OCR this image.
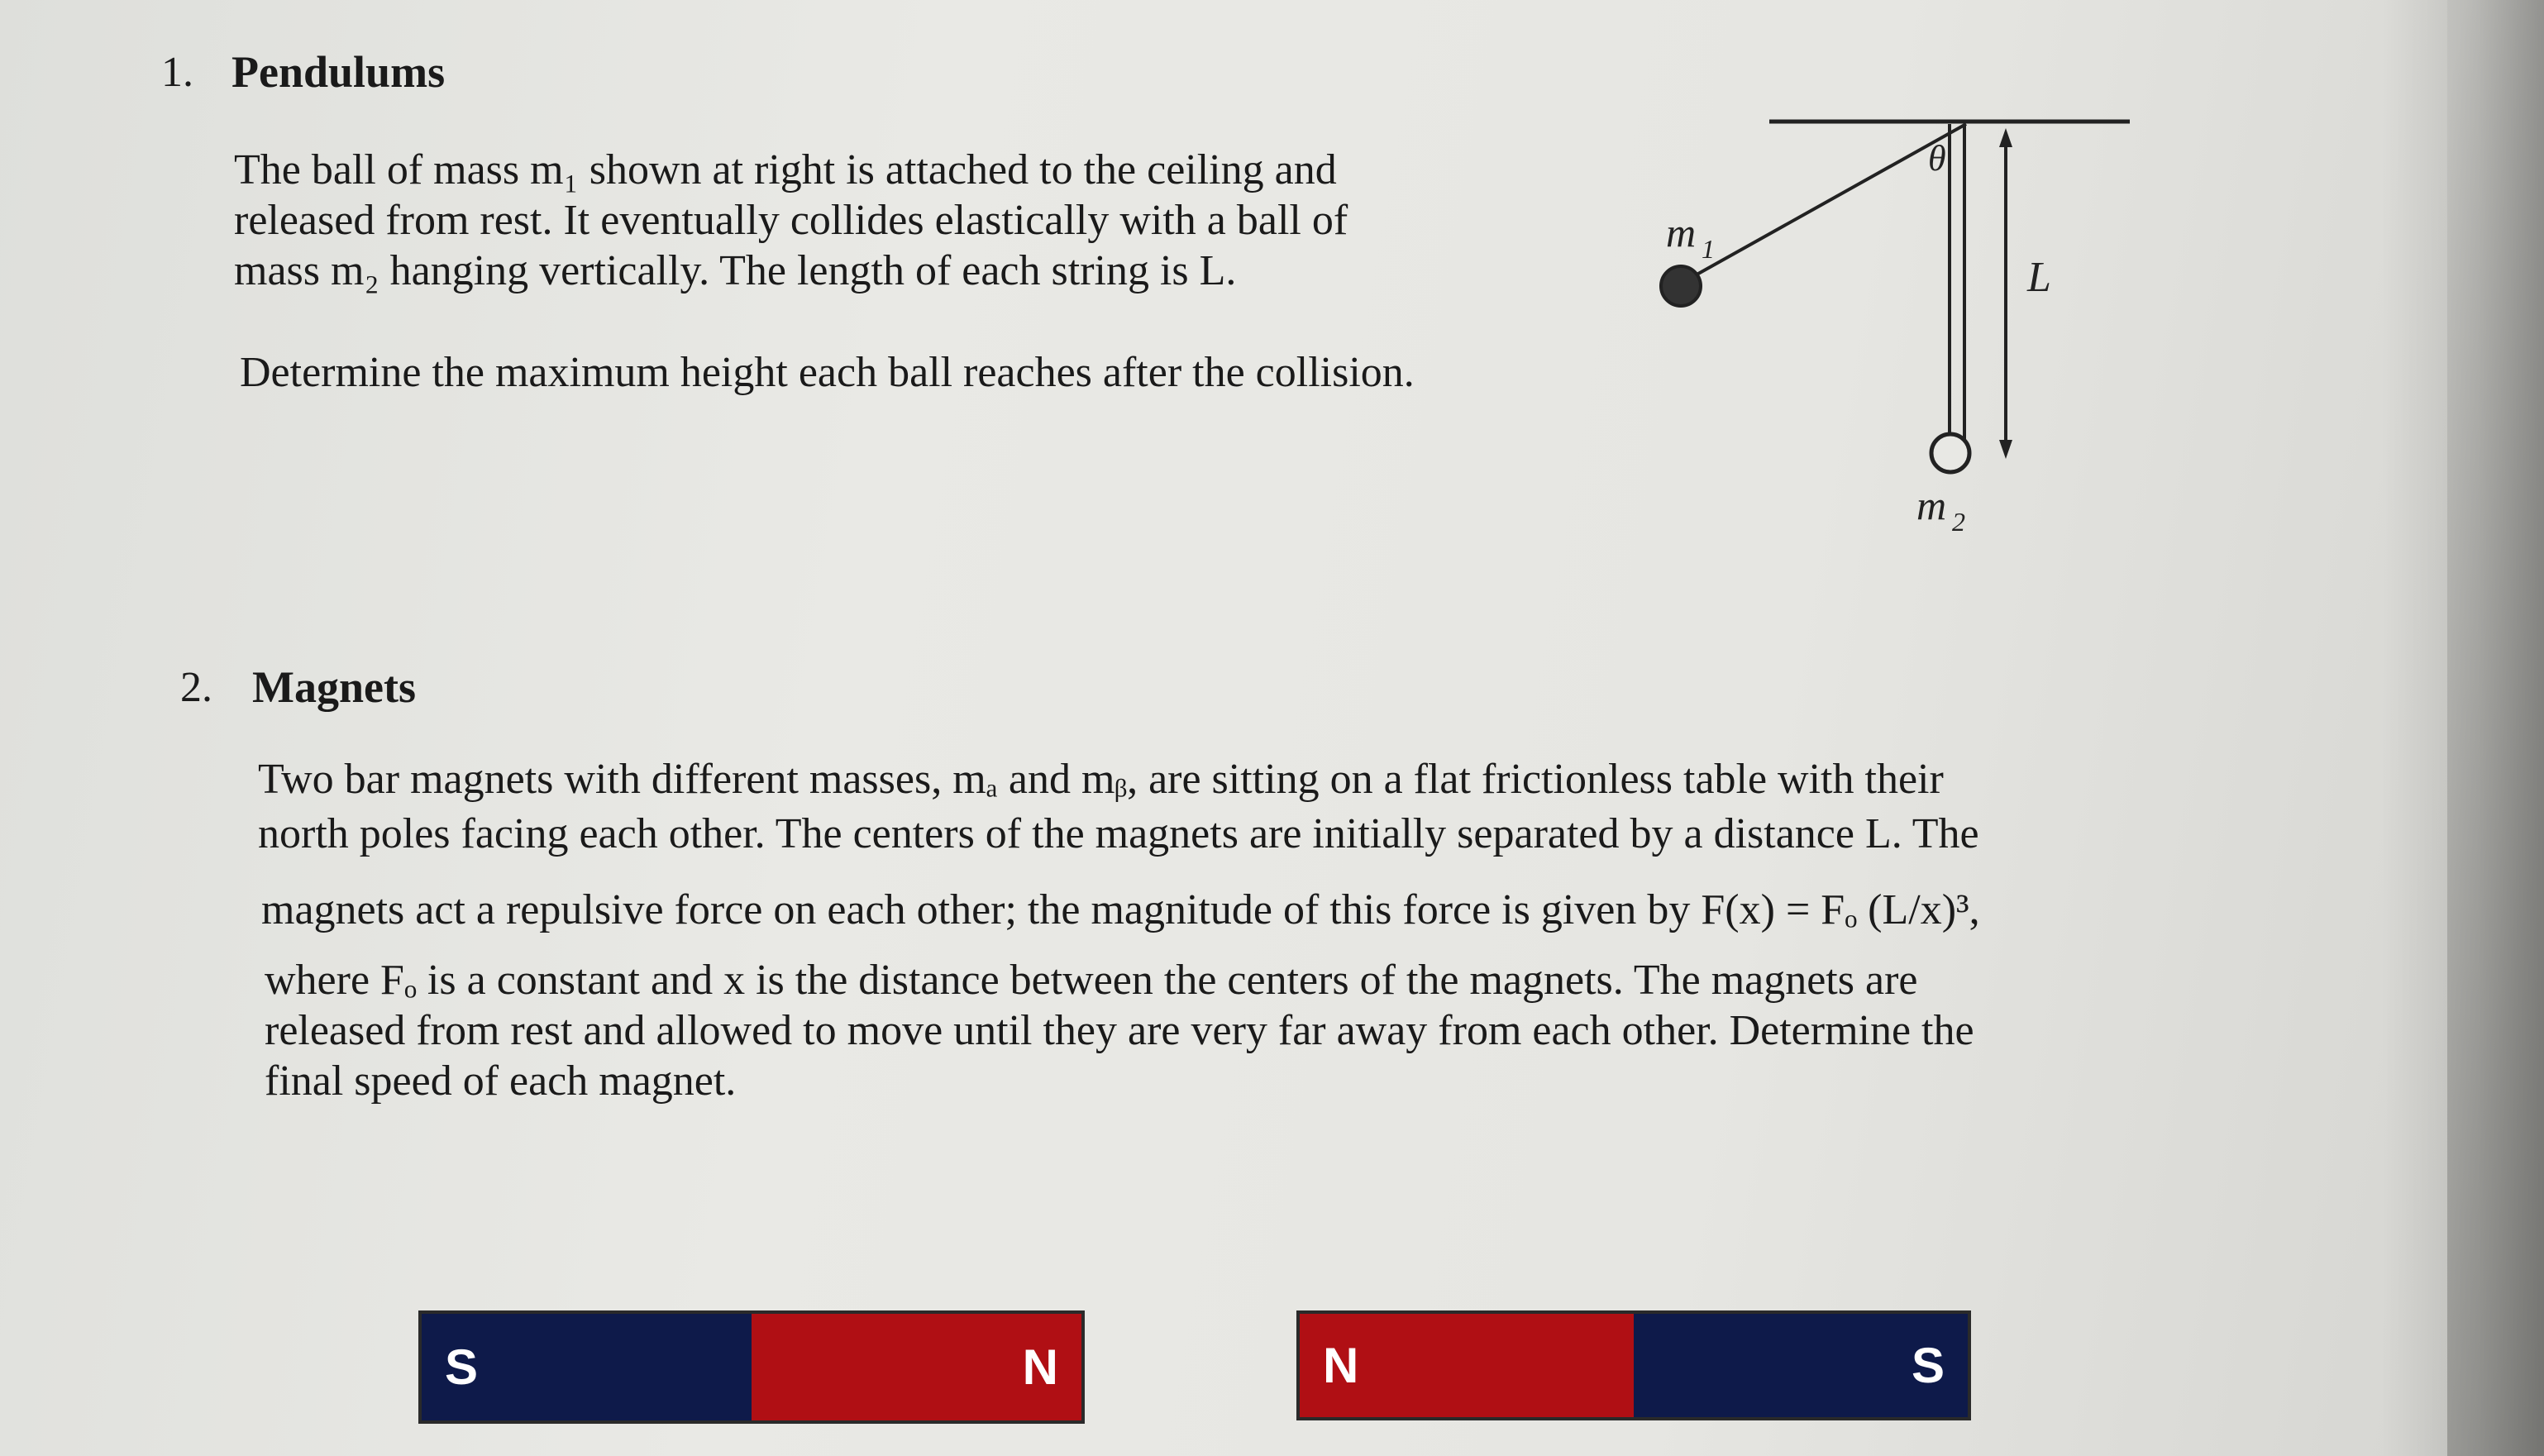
1. Pendulums
The ball of mass m₁ shown at right is attached to the ceiling and
released from rest. It eventually collides elastically with a ball of
mass m₂ hanging vertically. The length of each string is L.
Determine the maximum height each ball reaches after the collision.
θ
L
m 1
m 2
2. Magnets
Two bar magnets with different masses, mₐ and mᵦ, are sitting on a flat frictionless table with their
north poles facing each other. The centers of the magnets are initially separated by a distance L. The
magnets act a repulsive force on each other; the magnitude of this force is given by F(x) = Fₒ (L/x)³,
where Fₒ is a constant and x is the distance between the centers of the magnets. The magnets are
released from rest and allowed to move until they are very far away from each other. Determine the
final speed of each magnet.
S	N	N	S
